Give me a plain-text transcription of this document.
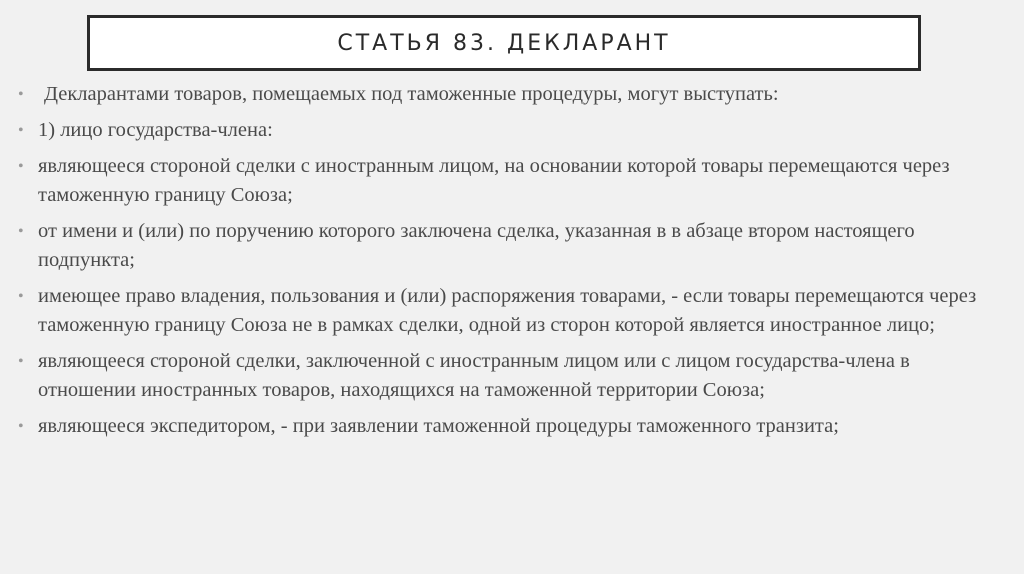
СТАТЬЯ 83. ДЕКЛАРАНТ
• Декларантами товаров, помещаемых под таможенные процедуры, могут выступать:
• 1) лицо государства-члена:
• являющееся стороной сделки с иностранным лицом, на основании которой товары перемещаются через таможенную границу Союза;
• от имени и (или) по поручению которого заключена сделка, указанная в в абзаце втором настоящего подпункта;
• имеющее право владения, пользования и (или) распоряжения товарами, - если товары перемещаются через таможенную границу Союза не в рамках сделки, одной из сторон которой является иностранное лицо;
• являющееся стороной сделки, заключенной с иностранным лицом или с лицом государства-члена в отношении иностранных товаров, находящихся на таможенной территории Союза;
• являющееся экспедитором, - при заявлении таможенной процедуры таможенного транзита;
